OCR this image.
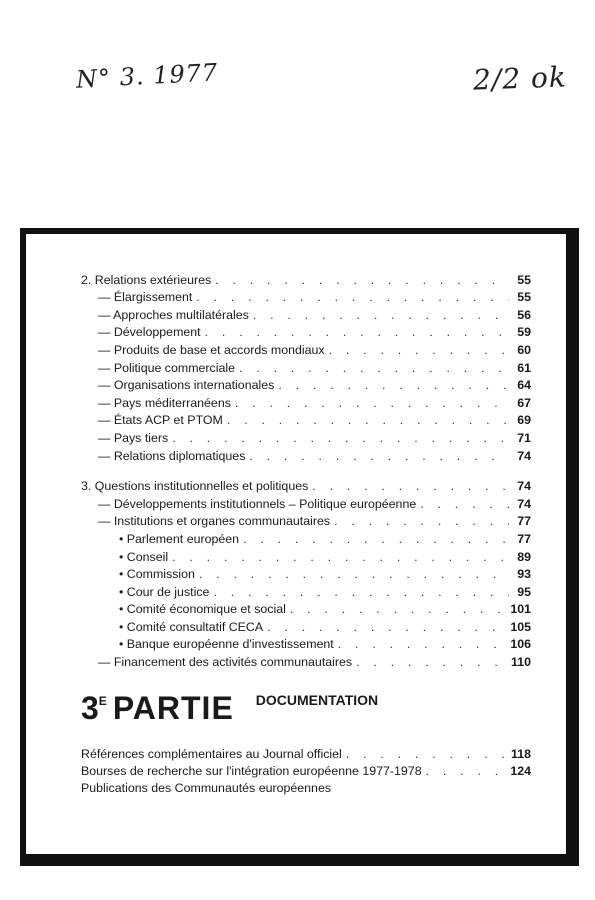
N° 3. 1977	2/2 ok
2. Relations extérieures . . .	55
— Élargissement . . .	55
— Approches multilatérales . . .	56
— Développement . . .	59
— Produits de base et accords mondiaux . . .	60
— Politique commerciale . . .	61
— Organisations internationales . . .	64
— Pays méditerranéens . . .	67
— États ACP et PTOM . . .	69
— Pays tiers . . .	71
— Relations diplomatiques . . .	74
3. Questions institutionnelles et politiques . . .	74
— Développements institutionnels – Politique européenne . . .	74
— Institutions et organes communautaires . . .	77
• Parlement européen . . .	77
• Conseil . . .	89
• Commission . . .	93
• Cour de justice . . .	95
• Comité économique et social . . .	101
• Comité consultatif CECA . . .	105
• Banque européenne d'investissement . . .	106
— Financement des activités communautaires . . .	110
3 E PARTIE DOCUMENTATION
Références complémentaires au Journal officiel . . .	118
Bourses de recherche sur l'intégration européenne 1977-1978 . . .	124
Publications des Communautés européennes
